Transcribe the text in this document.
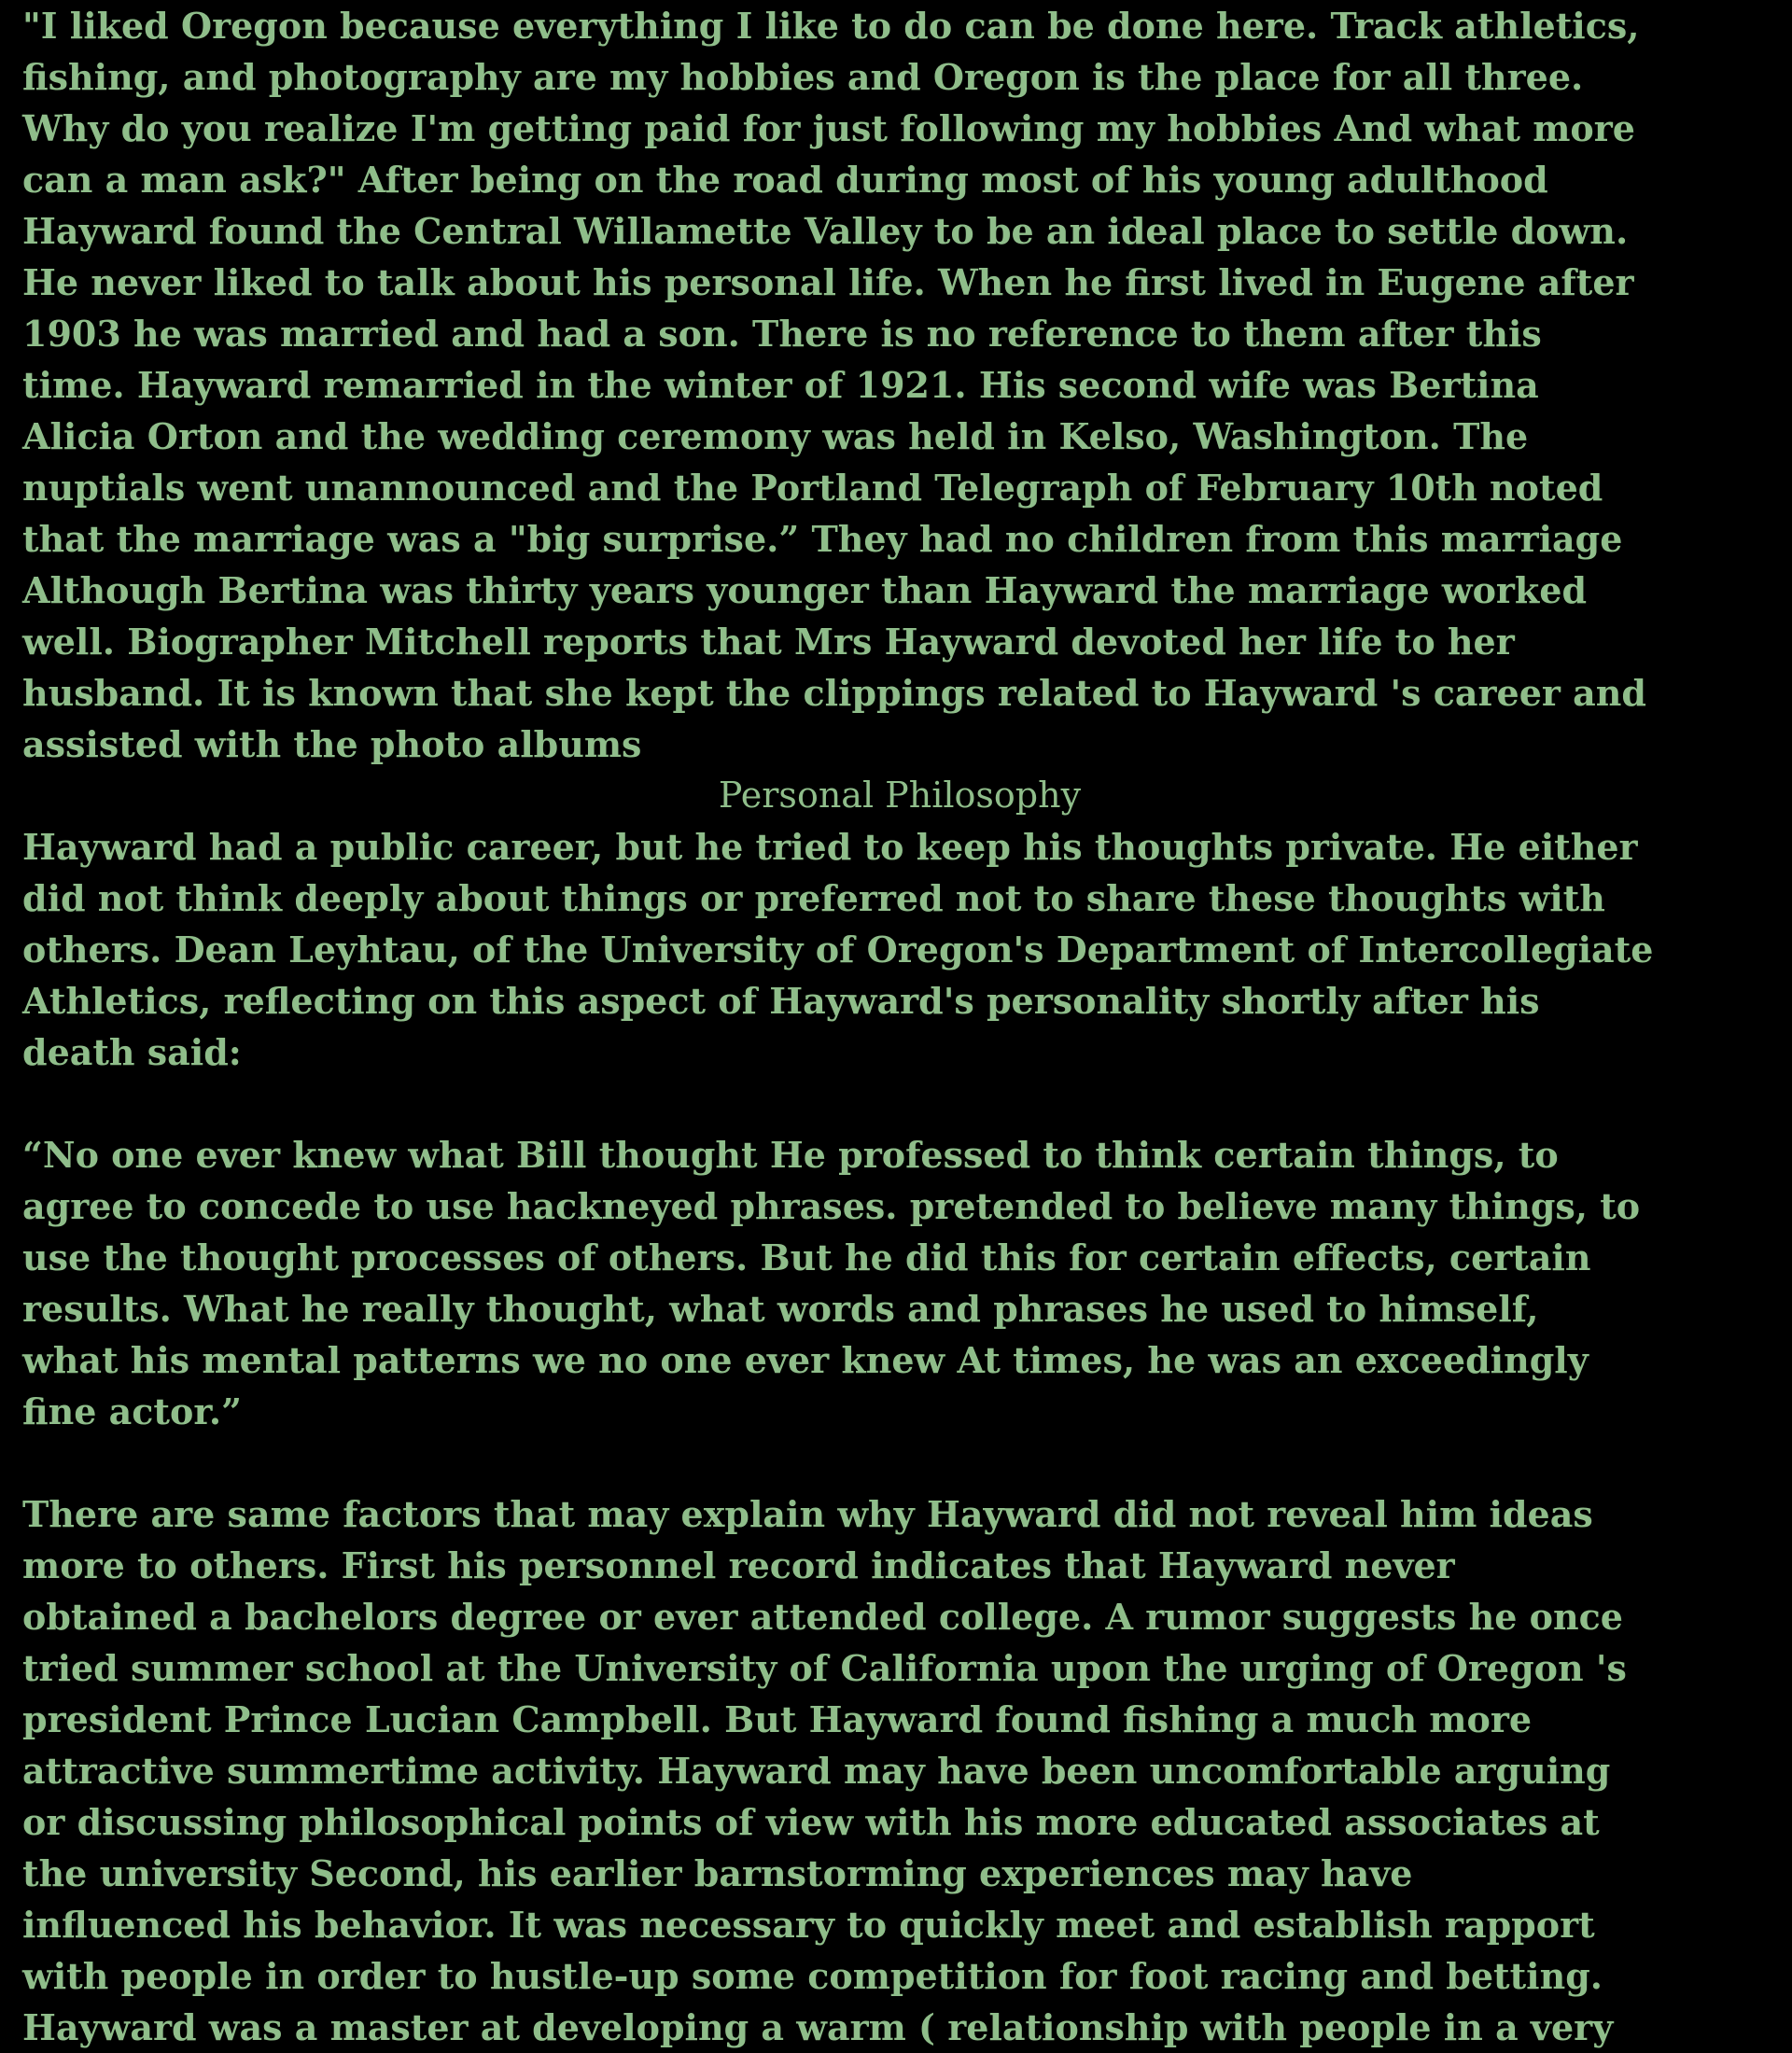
"I liked Oregon because everything I like to do can be done here. Track athletics,
fishing, and photography are my hobbies and Oregon is the place for all three.
Why do you realize I'm getting paid for just following my hobbies And what more
can a man ask?" After being on the road during most of his young adulthood
Hayward found the Central Willamette Valley to be an ideal place to settle down.
He never liked to talk about his personal life. When he first lived in Eugene after
1903 he was married and had a son. There is no reference to them after this
time. Hayward remarried in the winter of 1921. His second wife was Bertina
Alicia Orton and the wedding ceremony was held in Kelso, Washington. The
nuptials went unannounced and the Portland Telegraph of February 10th noted
that the marriage was a "big surprise.” They had no children from this marriage
Although Bertina was thirty years younger than Hayward the marriage worked
well. Biographer Mitchell reports that Mrs Hayward devoted her life to her
husband. It is known that she kept the clippings related to Hayward 's career and
assisted with the photo albums
Personal Philosophy
Hayward had a public career, but he tried to keep his thoughts private. He either
did not think deeply about things or preferred not to share these thoughts with
others. Dean Leyhtau, of the University of Oregon's Department of Intercollegiate
Athletics, reflecting on this aspect of Hayward's personality shortly after his
death said:
“No one ever knew what Bill thought He professed to think certain things, to
agree to concede to use hackneyed phrases. pretended to believe many things, to
use the thought processes of others. But he did this for certain effects, certain
results. What he really thought, what words and phrases he used to himself,
what his mental patterns we no one ever knew At times, he was an exceedingly
fine actor.”
There are same factors that may explain why Hayward did not reveal him ideas
more to others. First his personnel record indicates that Hayward never
obtained a bachelors degree or ever attended college. A rumor suggests he once
tried summer school at the University of California upon the urging of Oregon 's
president Prince Lucian Campbell. But Hayward found fishing a much more
attractive summertime activity. Hayward may have been uncomfortable arguing
or discussing philosophical points of view with his more educated associates at
the university Second, his earlier barnstorming experiences may have
influenced his behavior. It was necessary to quickly meet and establish rapport
with people in order to hustle-up some competition for foot racing and betting.
Hayward was a master at developing a warm ( relationship with people in a very
